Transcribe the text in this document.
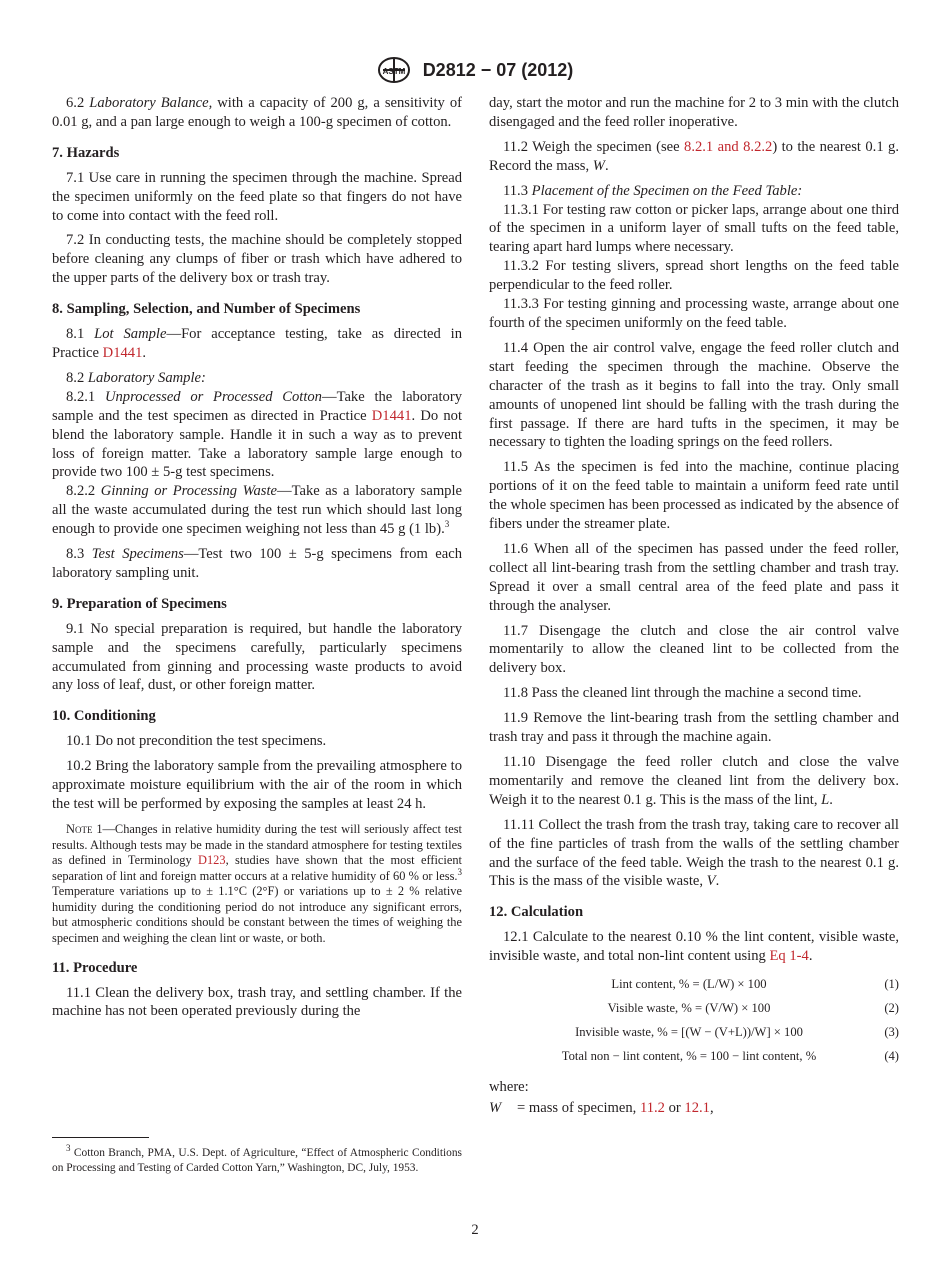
ASTM D2812 − 07 (2012)

6.2 Laboratory Balance, with a capacity of 200 g, a sensitivity of 0.01 g, and a pan large enough to weigh a 100-g specimen of cotton.

7. Hazards

7.1 Use care in running the specimen through the machine. Spread the specimen uniformly on the feed plate so that fingers do not have to come into contact with the feed roll.

7.2 In conducting tests, the machine should be completely stopped before cleaning any clumps of fiber or trash which have adhered to the upper parts of the delivery box or trash tray.

8. Sampling, Selection, and Number of Specimens

8.1 Lot Sample—For acceptance testing, take as directed in Practice D1441.

8.2 Laboratory Sample:

8.2.1 Unprocessed or Processed Cotton—Take the laboratory sample and the test specimen as directed in Practice D1441. Do not blend the laboratory sample. Handle it in such a way as to prevent loss of foreign matter. Take a laboratory sample large enough to provide two 100 ± 5-g test specimens.

8.2.2 Ginning or Processing Waste—Take as a laboratory sample all the waste accumulated during the test run which should last long enough to provide one specimen weighing not less than 45 g (1 lb).$^3$

8.3 Test Specimens—Test two 100 ± 5-g specimens from each laboratory sampling unit.

9. Preparation of Specimens

9.1 No special preparation is required, but handle the laboratory sample and the specimens carefully, particularly specimens accumulated from ginning and processing waste products to avoid any loss of leaf, dust, or other foreign matter.

10. Conditioning

10.1 Do not precondition the test specimens.

10.2 Bring the laboratory sample from the prevailing atmosphere to approximate moisture equilibrium with the air of the room in which the test will be performed by exposing the samples at least 24 h.

Note 1—Changes in relative humidity during the test will seriously affect test results. Although tests may be made in the standard atmosphere for testing textiles as defined in Terminology D123, studies have shown that the most efficient separation of lint and foreign matter occurs at a relative humidity of 60 % or less.$^3$ Temperature variations up to ± 1.1°C (2°F) or variations up to ± 2 % relative humidity during the conditioning period do not introduce any significant errors, but atmospheric conditions should be constant between the times of weighing the specimen and weighing the clean lint or waste, or both.

11. Procedure

11.1 Clean the delivery box, trash tray, and settling chamber. If the machine has not been operated previously during the

day, start the motor and run the machine for 2 to 3 min with the clutch disengaged and the feed roller inoperative.

11.2 Weigh the specimen (see 8.2.1 and 8.2.2) to the nearest 0.1 g. Record the mass, W.

11.3 Placement of the Specimen on the Feed Table:

11.3.1 For testing raw cotton or picker laps, arrange about one third of the specimen in a uniform layer of small tufts on the feed table, tearing apart hard lumps where necessary.

11.3.2 For testing slivers, spread short lengths on the feed table perpendicular to the feed roller.

11.3.3 For testing ginning and processing waste, arrange about one fourth of the specimen uniformly on the feed table.

11.4 Open the air control valve, engage the feed roller clutch and start feeding the specimen through the machine. Observe the character of the trash as it begins to fall into the tray. Only small amounts of unopened lint should be falling with the trash during the first passage. If there are hard tufts in the specimen, it may be necessary to tighten the loading springs on the feed rollers.

11.5 As the specimen is fed into the machine, continue placing portions of it on the feed table to maintain a uniform feed rate until the whole specimen has been processed as indicated by the absence of fibers under the streamer plate.

11.6 When all of the specimen has passed under the feed roller, collect all lint-bearing trash from the settling chamber and trash tray. Spread it over a small central area of the feed plate and pass it through the analyser.

11.7 Disengage the clutch and close the air control valve momentarily to allow the cleaned lint to be collected from the delivery box.

11.8 Pass the cleaned lint through the machine a second time.

11.9 Remove the lint-bearing trash from the settling chamber and trash tray and pass it through the machine again.

11.10 Disengage the feed roller clutch and close the valve momentarily and remove the cleaned lint from the delivery box. Weigh it to the nearest 0.1 g. This is the mass of the lint, L.

11.11 Collect the trash from the trash tray, taking care to recover all of the fine particles of trash from the walls of the settling chamber and the surface of the feed table. Weigh the trash to the nearest 0.1 g. This is the mass of the visible waste, V.

12. Calculation

12.1 Calculate to the nearest 0.10 % the lint content, visible waste, invisible waste, and total non-lint content using Eq 1-4.

Lint content, % = (L/W) × 100	(1)
Visible waste, % = (V/W) × 100	(2)
Invisible waste, % = [(W − (V+L))/W] × 100	(3)
Total non − lint content, % = 100 − lint content, %	(4)

where:

W = mass of specimen, 11.2 or 12.1,

$^3$ Cotton Branch, PMA, U.S. Dept. of Agriculture, “Effect of Atmospheric Conditions on Processing and Testing of Carded Cotton Yarn,” Washington, DC, July, 1953.
2
